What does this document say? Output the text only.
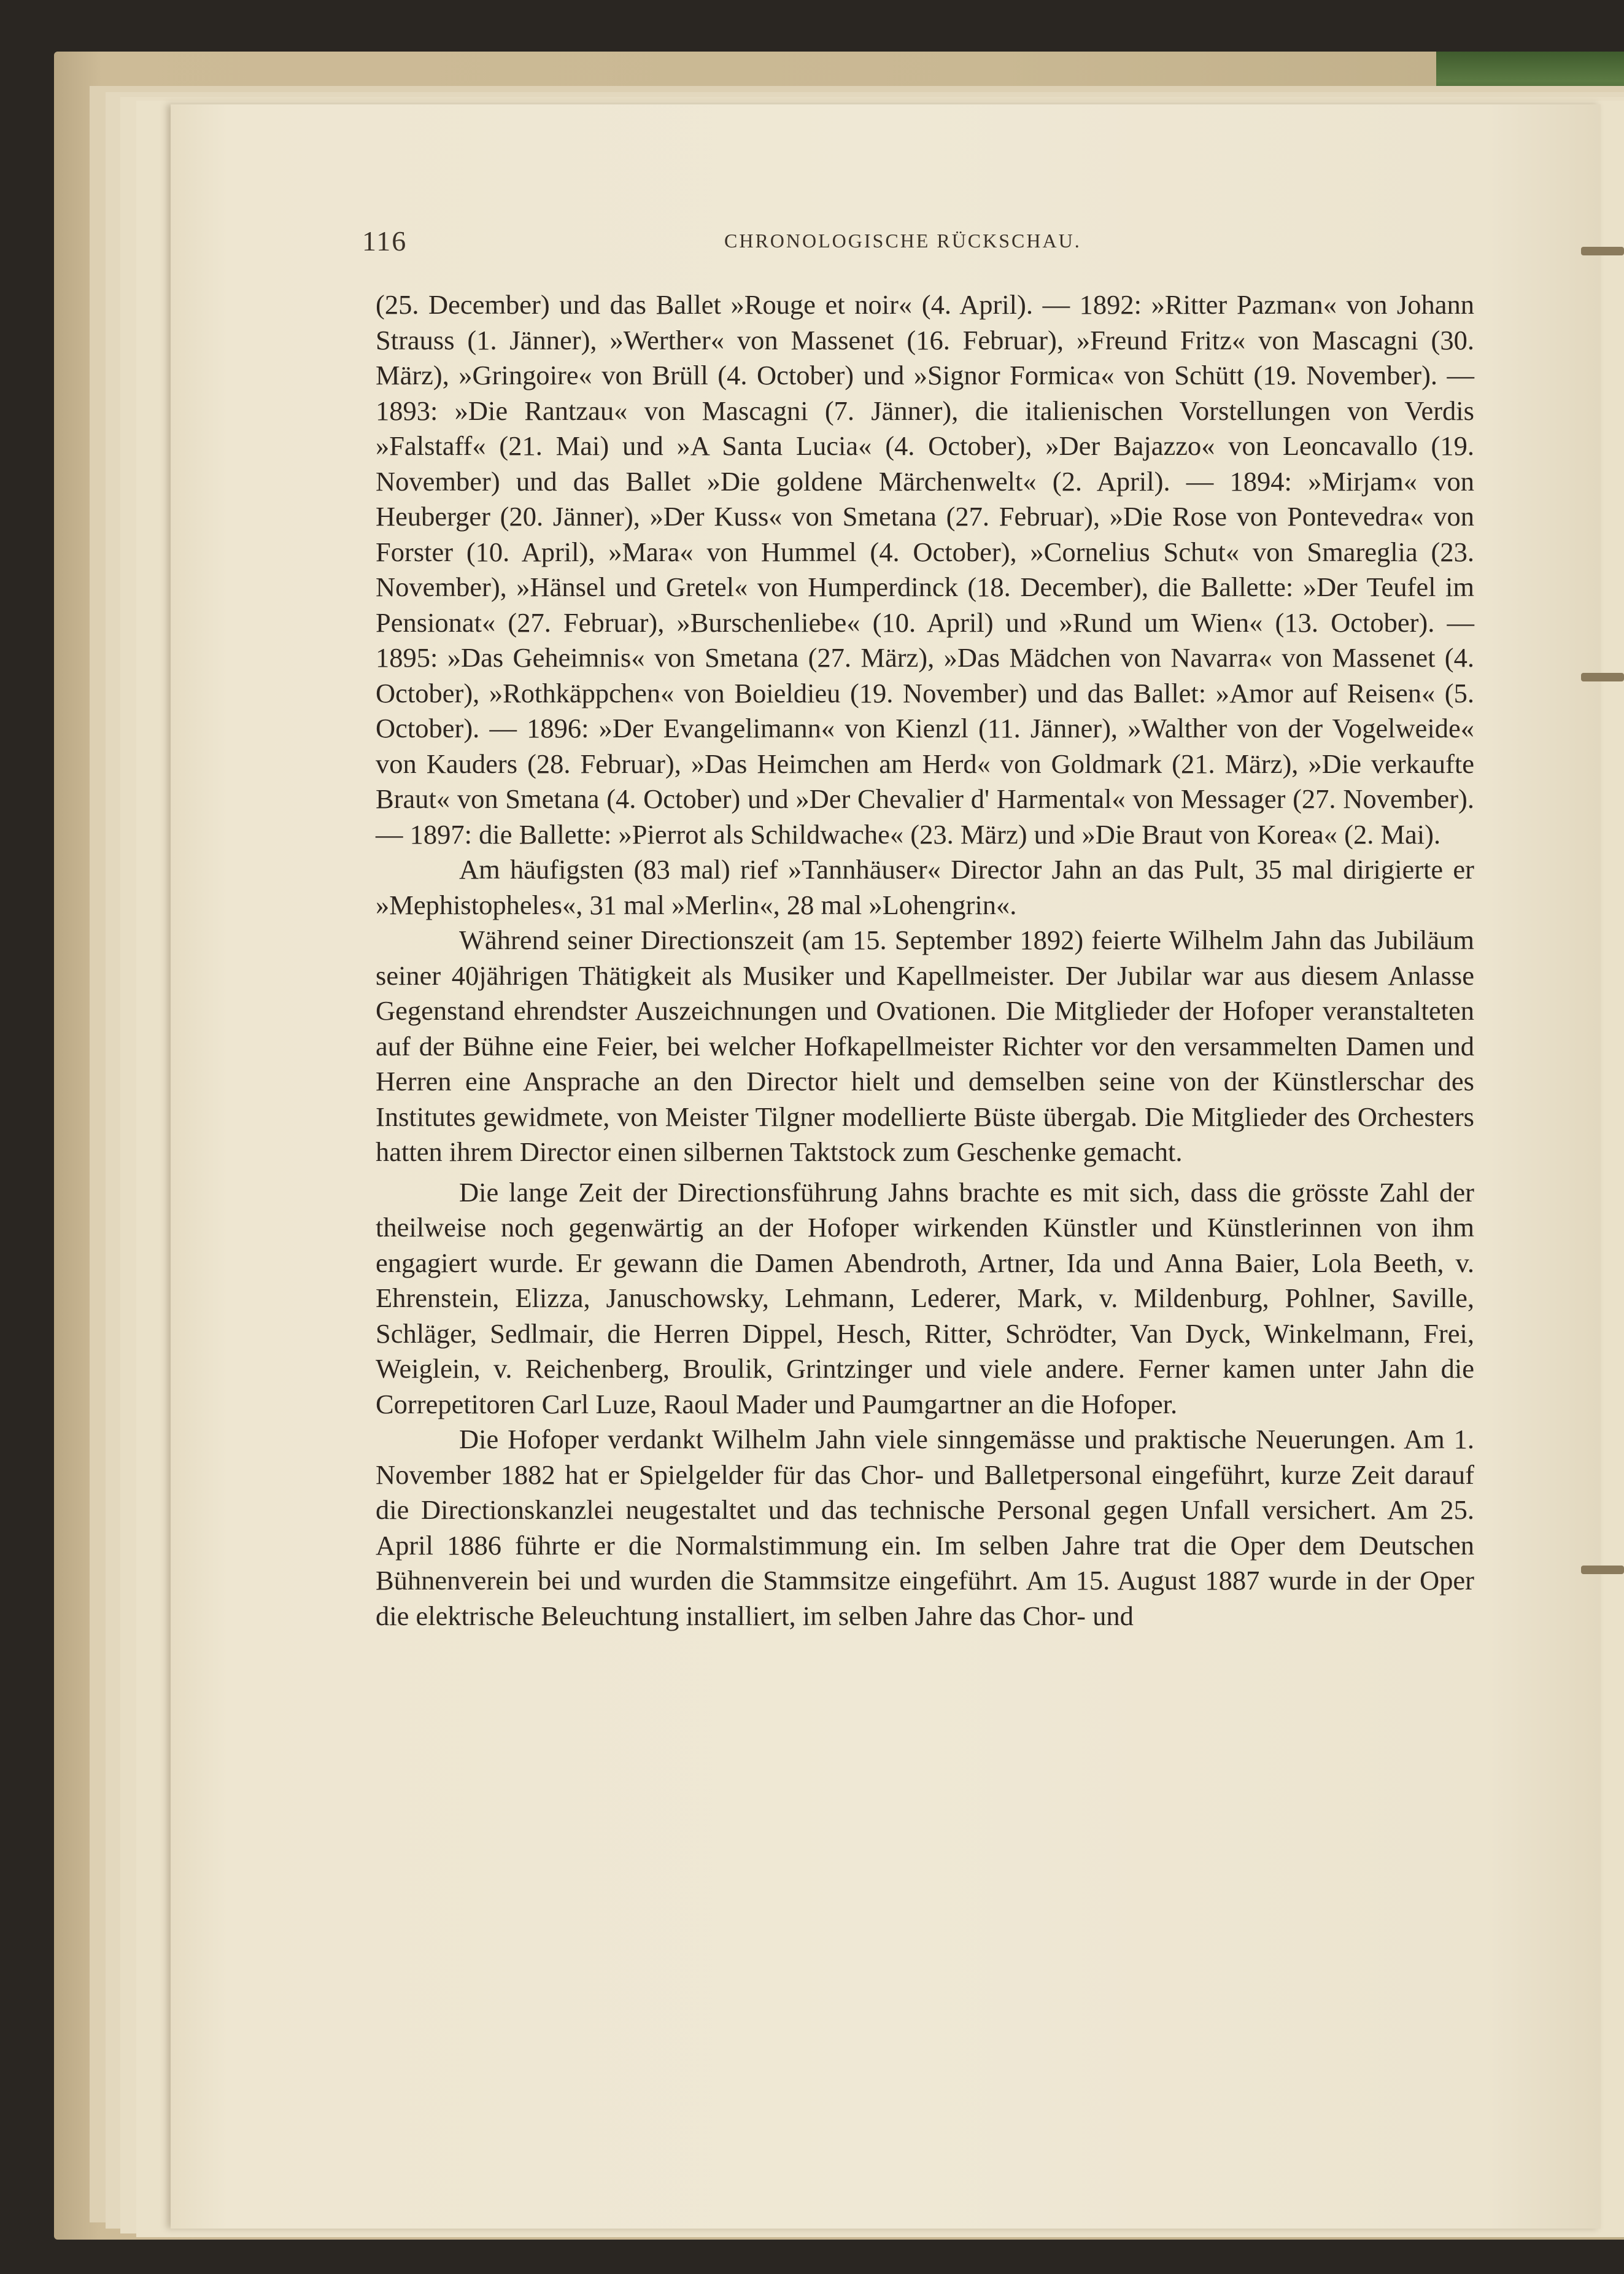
116	CHRONOLOGISCHE RÜCKSCHAU.

(25. December) und das Ballet »Rouge et noir« (4. April). — 1892: »Ritter Pazman« von Johann Strauss (1. Jänner), »Werther« von Massenet (16. Februar), »Freund Fritz« von Mascagni (30. März), »Gringoire« von Brüll (4. October) und »Signor Formica« von Schütt (19. November). — 1893: »Die Rantzau« von Mascagni (7. Jänner), die italienischen Vorstellungen von Verdis »Falstaff« (21. Mai) und »A Santa Lucia« (4. October), »Der Bajazzo« von Leoncavallo (19. November) und das Ballet »Die goldene Märchenwelt« (2. April). — 1894: »Mirjam« von Heuberger (20. Jänner), »Der Kuss« von Smetana (27. Februar), »Die Rose von Pontevedra« von Forster (10. April), »Mara« von Hummel (4. October), »Cornelius Schut« von Smareglia (23. November), »Hänsel und Gretel« von Humperdinck (18. December), die Ballette: »Der Teufel im Pensionat« (27. Februar), »Burschenliebe« (10. April) und »Rund um Wien« (13. October). — 1895: »Das Geheimnis« von Smetana (27. März), »Das Mädchen von Navarra« von Massenet (4. October), »Rothkäppchen« von Boieldieu (19. November) und das Ballet: »Amor auf Reisen« (5. October). — 1896: »Der Evangelimann« von Kienzl (11. Jänner), »Walther von der Vogelweide« von Kauders (28. Februar), »Das Heimchen am Herd« von Goldmark (21. März), »Die verkaufte Braut« von Smetana (4. October) und »Der Chevalier d' Harmental« von Messager (27. November). — 1897: die Ballette: »Pierrot als Schildwache« (23. März) und »Die Braut von Korea« (2. Mai).

Am häufigsten (83 mal) rief »Tannhäuser« Director Jahn an das Pult, 35 mal dirigierte er »Mephistopheles«, 31 mal »Merlin«, 28 mal »Lohengrin«.

Während seiner Directionszeit (am 15. September 1892) feierte Wilhelm Jahn das Jubiläum seiner 40jährigen Thätigkeit als Musiker und Kapellmeister. Der Jubilar war aus diesem Anlasse Gegenstand ehrendster Auszeichnungen und Ovationen. Die Mitglieder der Hofoper veranstalteten auf der Bühne eine Feier, bei welcher Hofkapellmeister Richter vor den versammelten Damen und Herren eine Ansprache an den Director hielt und demselben seine von der Künstlerschar des Institutes gewidmete, von Meister Tilgner modellierte Büste übergab. Die Mitglieder des Orchesters hatten ihrem Director einen silbernen Taktstock zum Geschenke gemacht.

Die lange Zeit der Directionsführung Jahns brachte es mit sich, dass die grösste Zahl der theilweise noch gegenwärtig an der Hofoper wirkenden Künstler und Künstlerinnen von ihm engagiert wurde. Er gewann die Damen Abendroth, Artner, Ida und Anna Baier, Lola Beeth, v. Ehrenstein, Elizza, Januschowsky, Lehmann, Lederer, Mark, v. Mildenburg, Pohlner, Saville, Schläger, Sedlmair, die Herren Dippel, Hesch, Ritter, Schrödter, Van Dyck, Winkelmann, Frei, Weiglein, v. Reichenberg, Broulik, Grintzinger und viele andere. Ferner kamen unter Jahn die Correpetitoren Carl Luze, Raoul Mader und Paumgartner an die Hofoper.

Die Hofoper verdankt Wilhelm Jahn viele sinngemässe und praktische Neuerungen. Am 1. November 1882 hat er Spielgelder für das Chor- und Balletpersonal eingeführt, kurze Zeit darauf die Directionskanzlei neugestaltet und das technische Personal gegen Unfall versichert. Am 25. April 1886 führte er die Normalstimmung ein. Im selben Jahre trat die Oper dem Deutschen Bühnenverein bei und wurden die Stammsitze eingeführt. Am 15. August 1887 wurde in der Oper die elektrische Beleuchtung installiert, im selben Jahre das Chor- und
